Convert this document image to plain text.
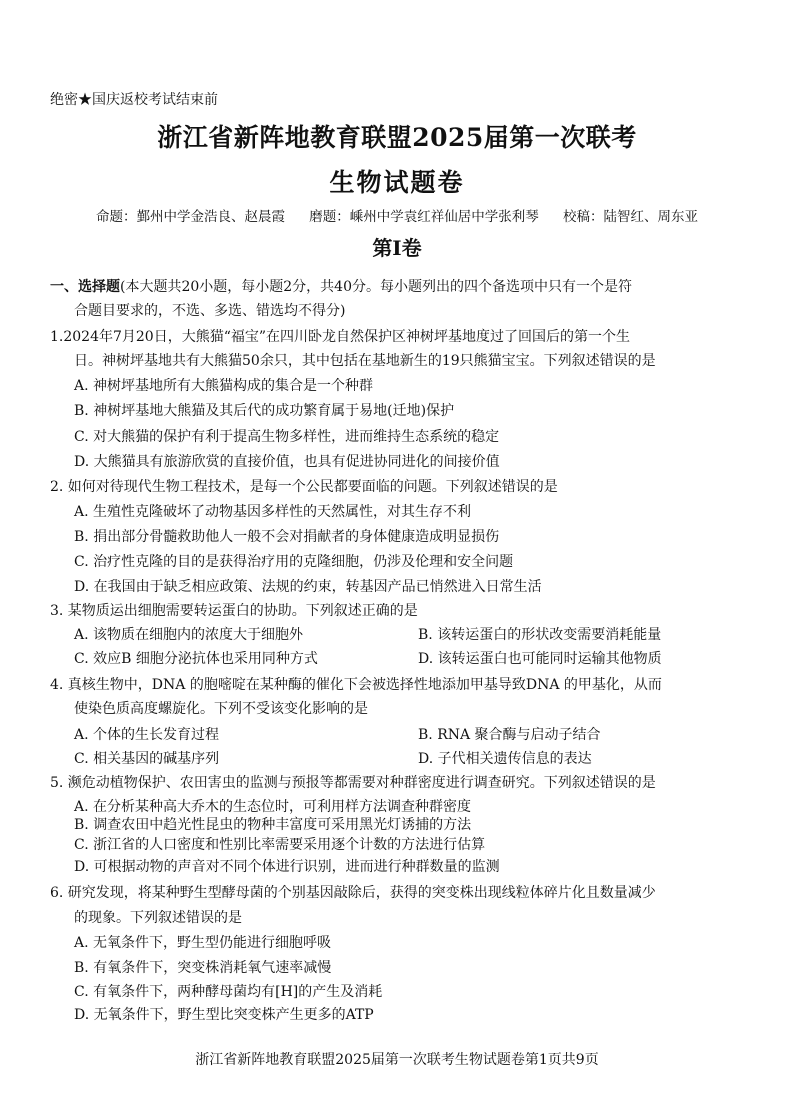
绝密★国庆返校考试结束前
浙江省新阵地教育联盟2025届第一次联考
生物试题卷
命题：鄞州中学金浩良、赵晨霞 磨题：嵊州中学袁红祥仙居中学张利琴 校稿：陆智红、周东亚
第I卷
一、选择题(本大题共20小题，每小题2分，共40分。每小题列出的四个备选项中只有一个是符
合题目要求的，不选、多选、错选均不得分)
1.2024年7月20日，大熊猫“福宝”在四川卧龙自然保护区神树坪基地度过了回国后的第一个生
日。神树坪基地共有大熊猫50余只，其中包括在基地新生的19只熊猫宝宝。下列叙述错误的是
A. 神树坪基地所有大熊猫构成的集合是一个种群
B. 神树坪基地大熊猫及其后代的成功繁育属于易地(迁地)保护
C. 对大熊猫的保护有利于提高生物多样性，进而维持生态系统的稳定
D. 大熊猫具有旅游欣赏的直接价值，也具有促进协同进化的间接价值
2. 如何对待现代生物工程技术，是每一个公民都要面临的问题。下列叙述错误的是
A. 生殖性克隆破坏了动物基因多样性的天然属性，对其生存不利
B. 捐出部分骨髓救助他人一般不会对捐献者的身体健康造成明显损伤
C. 治疗性克隆的目的是获得治疗用的克隆细胞，仍涉及伦理和安全问题
D. 在我国由于缺乏相应政策、法规的约束，转基因产品已悄然进入日常生活
3. 某物质运出细胞需要转运蛋白的协助。下列叙述正确的是
A. 该物质在细胞内的浓度大于细胞外	B. 该转运蛋白的形状改变需要消耗能量
C. 效应B 细胞分泌抗体也采用同种方式	D. 该转运蛋白也可能同时运输其他物质
4. 真核生物中，DNA 的胞嘧啶在某种酶的催化下会被选择性地添加甲基导致DNA 的甲基化，从而
使染色质高度螺旋化。下列不受该变化影响的是
A. 个体的生长发育过程	B. RNA 聚合酶与启动子结合
C. 相关基因的碱基序列	D. 子代相关遗传信息的表达
5. 濒危动植物保护、农田害虫的监测与预报等都需要对种群密度进行调查研究。下列叙述错误的是
A. 在分析某种高大乔木的生态位时，可利用样方法调查种群密度
B. 调查农田中趋光性昆虫的物种丰富度可采用黑光灯诱捕的方法
C. 浙江省的人口密度和性别比率需要采用逐个计数的方法进行估算
D. 可根据动物的声音对不同个体进行识别，进而进行种群数量的监测
6. 研究发现，将某种野生型酵母菌的个别基因敲除后，获得的突变株出现线粒体碎片化且数量减少
的现象。下列叙述错误的是
A. 无氧条件下，野生型仍能进行细胞呼吸
B. 有氧条件下，突变株消耗氧气速率减慢
C. 有氧条件下，两种酵母菌均有[H]的产生及消耗
D. 无氧条件下，野生型比突变株产生更多的ATP
浙江省新阵地教育联盟2025届第一次联考生物试题卷第1页共9页
